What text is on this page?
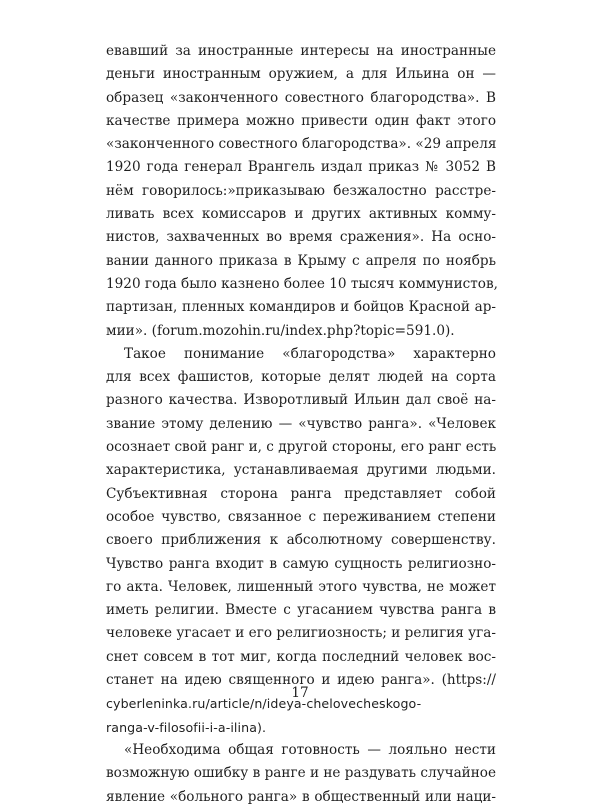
евавший за иностранные интересы на иностранные
деньги иностранным оружием, а для Ильина он —
образец «законченного совестного благородства». В
качестве примера можно привести один факт этого
«законченного совестного благородства». «29 апреля
1920 года генерал Врангель издал приказ № 3052 В
нём говорилось:»приказываю безжалостно расстре-
ливать всех комиссаров и других активных комму-
нистов, захваченных во время сражения». На осно-
вании данного приказа в Крыму с апреля по ноябрь
1920 года было казнено более 10 тысяч коммунистов,
партизан, пленных командиров и бойцов Красной ар-
мии». (forum.mozohin.ru/index.php?topic=591.0).
Такое понимание «благородства» характерно
для всех фашистов, которые делят людей на сорта
разного качества. Изворотливый Ильин дал своё на-
звание этому делению — «чувство ранга». «Человек
осознает свой ранг и, с другой стороны, его ранг есть
характеристика, устанавливаемая другими людьми.
Субъективная сторона ранга представляет собой
особое чувство, связанное с переживанием степени
своего приближения к абсолютному совершенству.
Чувство ранга входит в самую сущность религиозно-
го акта. Человек, лишенный этого чувства, не может
иметь религии. Вместе с угасанием чувства ранга в
человеке угасает и его религиозность; и религия уга-
снет совсем в тот миг, когда последний человек вос-
станет на идею священного и идею ранга». (https://
cyberleninka.ru/article/n/ideya-chelovecheskogo-
ranga-v-filosofii-i-a-ilina).
«Необходима общая готовность — лояльно нести
возможную ошибку в ранге и не раздувать случайное
явление «больного ранга» в общественный или наци-
17
